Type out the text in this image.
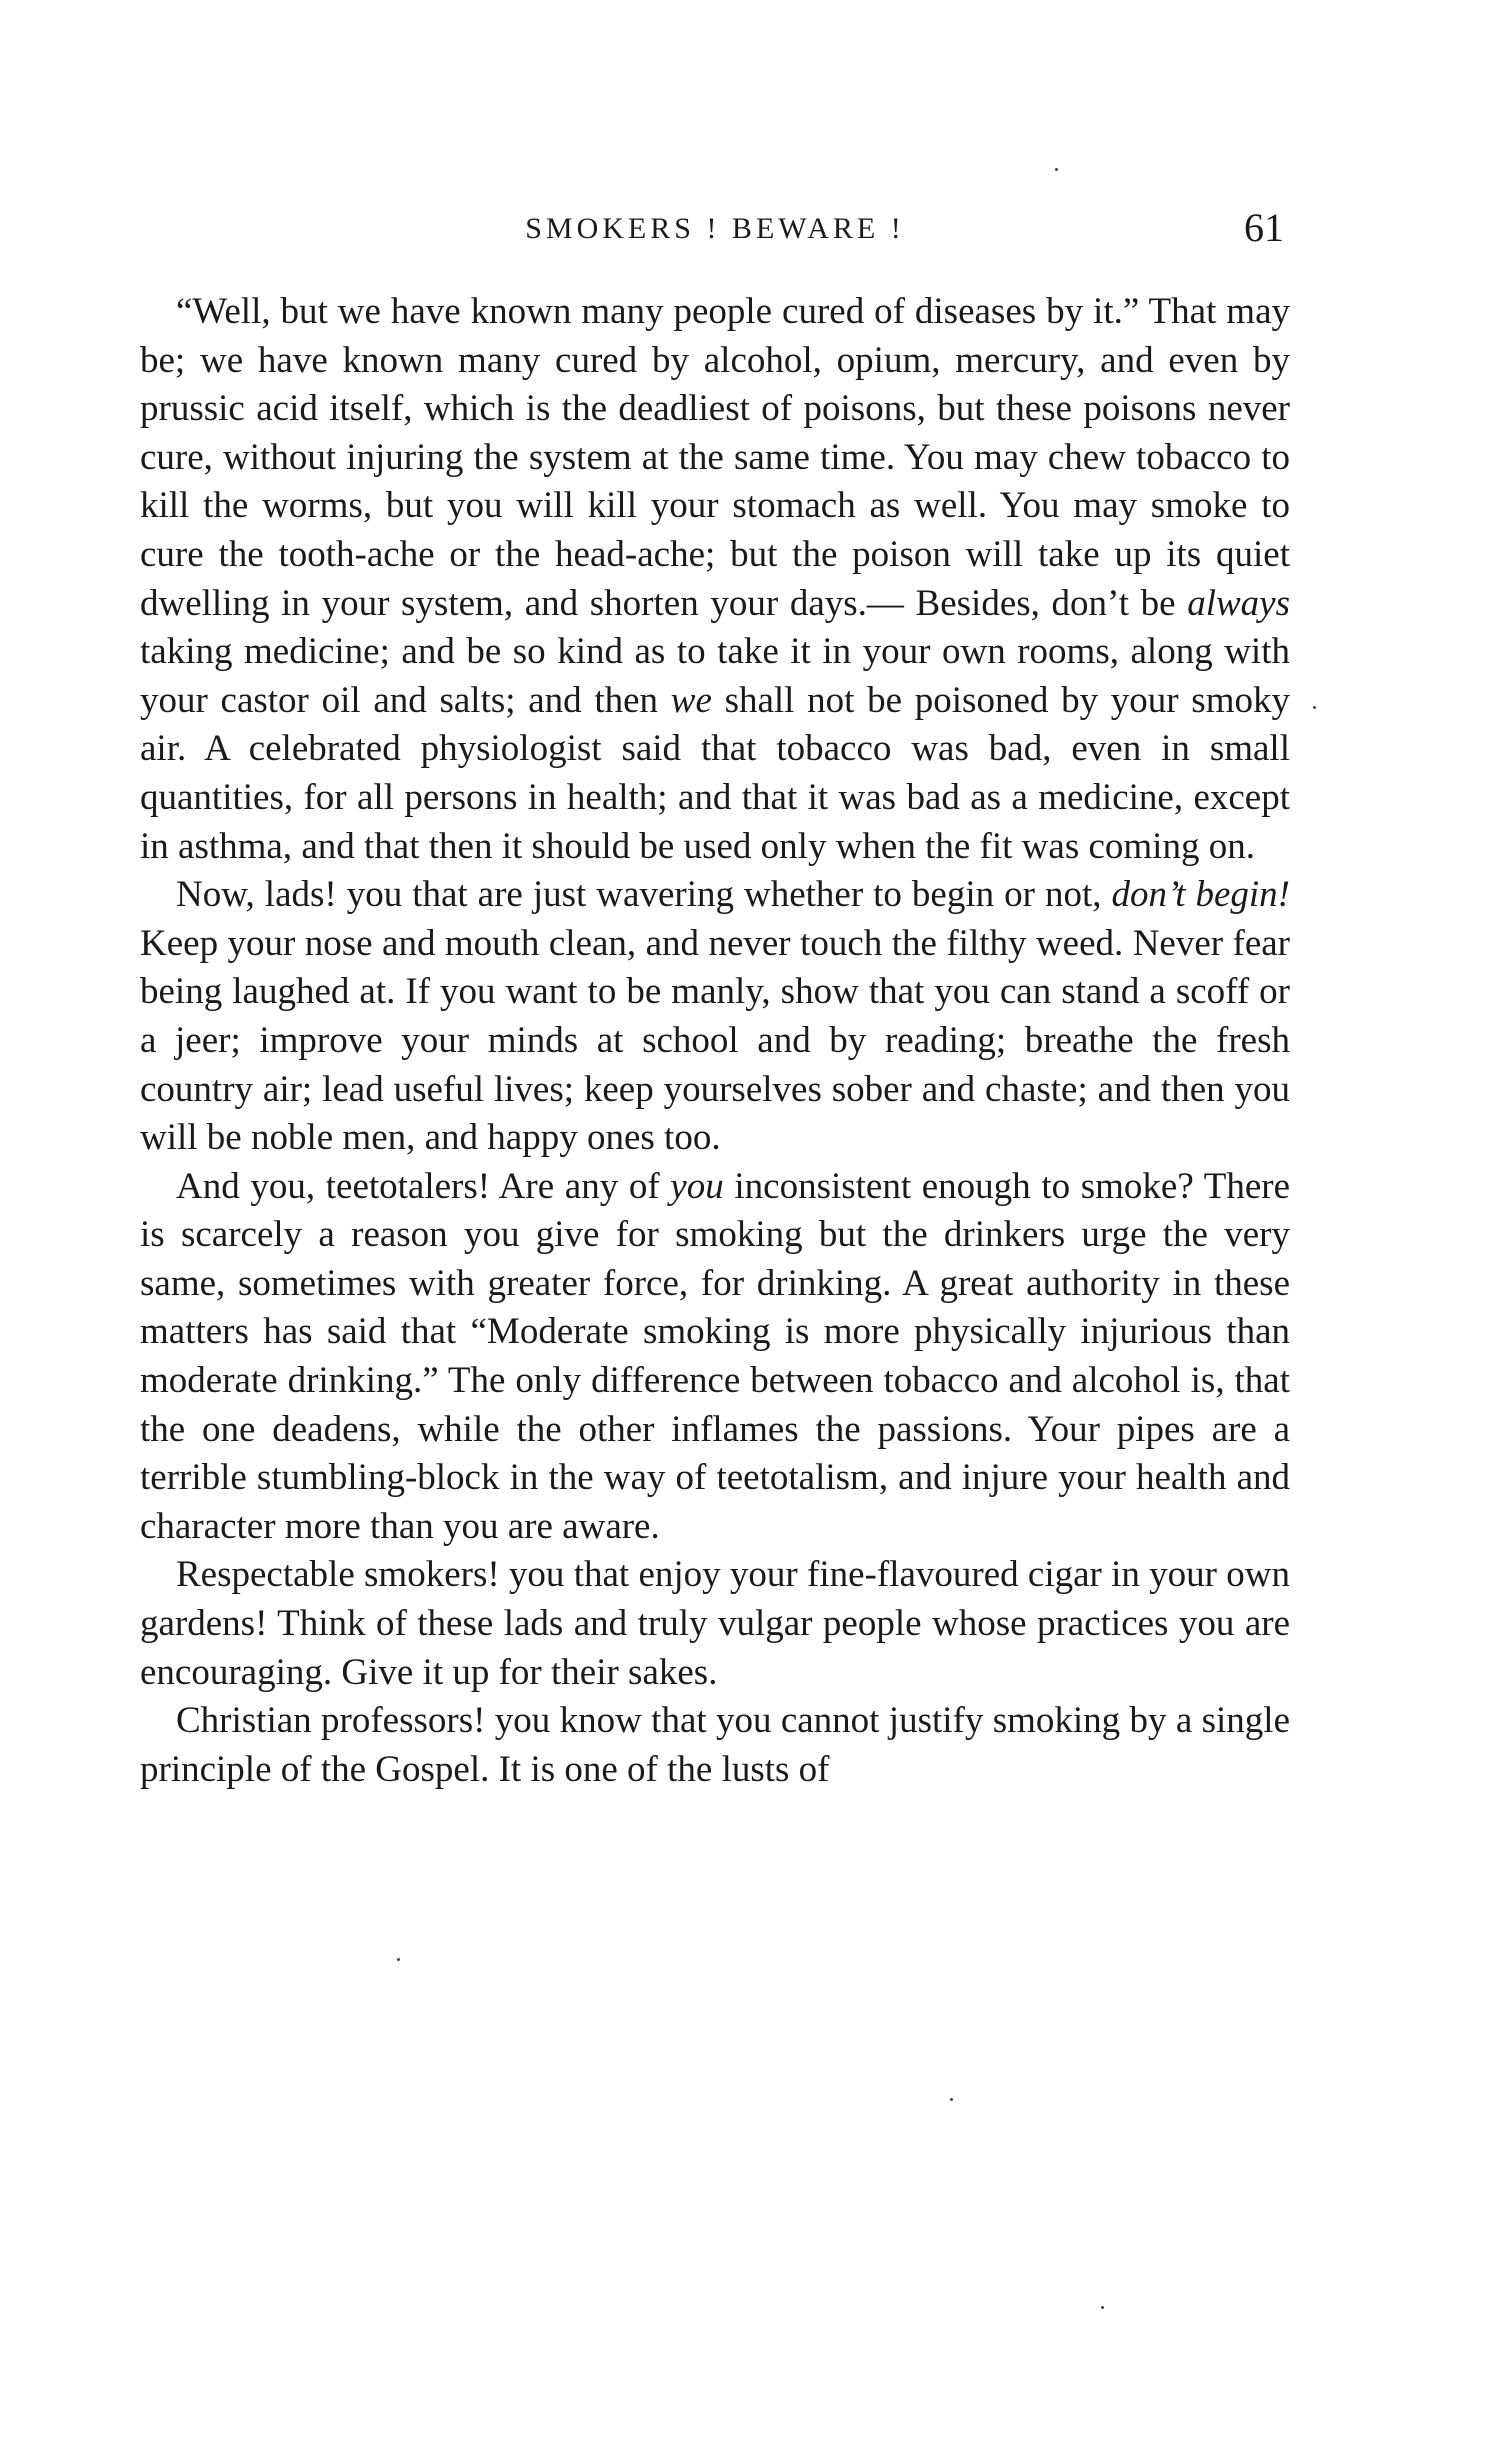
SMOKERS ! BEWARE !	61

“Well, but we have known many people cured of diseases by it.” That may be; we have known many cured by alcohol, opium, mercury, and even by prussic acid itself, which is the deadliest of poisons, but these poisons never cure, without injuring the system at the same time. You may chew tobacco to kill the worms, but you will kill your stomach as well. You may smoke to cure the tooth-ache or the head-ache; but the poison will take up its quiet dwelling in your system, and shorten your days.— Besides, don’t be always taking medicine; and be so kind as to take it in your own rooms, along with your castor oil and salts; and then we shall not be poisoned by your smoky air. A celebrated physiologist said that tobacco was bad, even in small quantities, for all persons in health; and that it was bad as a medicine, except in asthma, and that then it should be used only when the fit was coming on.

Now, lads! you that are just wavering whether to begin or not, don’t begin! Keep your nose and mouth clean, and never touch the filthy weed. Never fear being laughed at. If you want to be manly, show that you can stand a scoff or a jeer; improve your minds at school and by reading; breathe the fresh country air; lead useful lives; keep yourselves sober and chaste; and then you will be noble men, and happy ones too.

And you, teetotalers! Are any of you inconsistent enough to smoke? There is scarcely a reason you give for smoking but the drinkers urge the very same, sometimes with greater force, for drinking. A great authority in these matters has said that “Moderate smoking is more physically injurious than moderate drinking.” The only difference between tobacco and alcohol is, that the one deadens, while the other inflames the passions. Your pipes are a terrible stumbling-block in the way of teetotalism, and injure your health and character more than you are aware.

Respectable smokers! you that enjoy your fine-flavoured cigar in your own gardens! Think of these lads and truly vulgar people whose practices you are encouraging. Give it up for their sakes.

Christian professors! you know that you cannot justify smoking by a single principle of the Gospel. It is one of the lusts of
